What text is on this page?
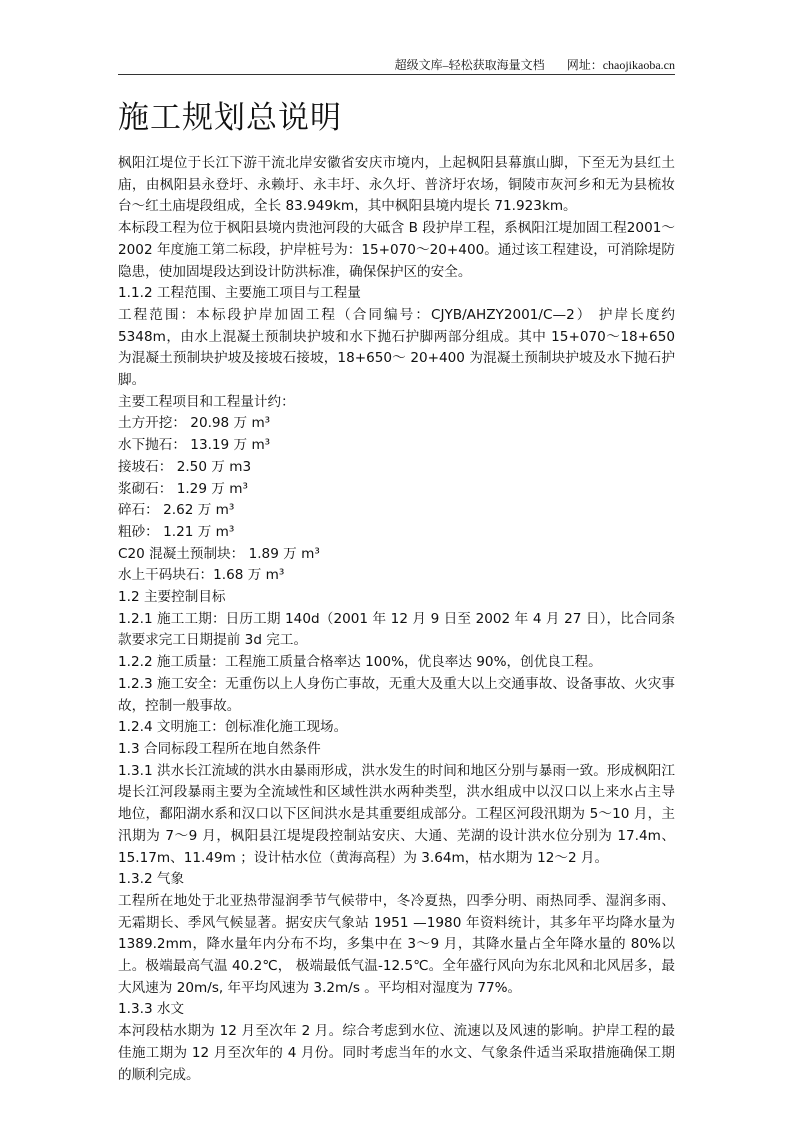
超级文库–轻松获取海量文档 网址：chaojikaoba.cn
施工规划总说明

枫阳江堤位于长江下游干流北岸安徽省安庆市境内，上起枫阳县幕旗山脚，下至无为县红土庙，由枫阳县永登圩、永赖圩、永丰圩、永久圩、普济圩农场，铜陵市灰河乡和无为县梳妆台～红土庙堤段组成，全长 83.949km，其中枫阳县境内堤长 71.923km。

本标段工程为位于枫阳县境内贵池河段的大砥含 B 段护岸工程，系枫阳江堤加固工程2001～2002 年度施工第二标段，护岸桩号为：15+070～20+400。通过该工程建设，可消除堤防隐患，使加固堤段达到设计防洪标准，确保保护区的安全。

1.1.2 工程范围、主要施工项目与工程量

工程范围：本标段护岸加固工程（合同编号：CJYB/AHZY2001/C—2） 护岸长度约 5348m，由水上混凝土预制块护坡和水下抛石护脚两部分组成。其中 15+070～18+650 为混凝土预制块护坡及接坡石接坡，18+650～ 20+400 为混凝土预制块护坡及水下抛石护脚。

主要工程项目和工程量计约：

土方开挖： 20.98 万 m³

水下抛石： 13.19 万 m³

接坡石： 2.50 万 m3

浆砌石： 1.29 万 m³

碎石： 2.62 万 m³

粗砂： 1.21 万 m³

C20 混凝土预制块： 1.89 万 m³

水上干码块石：1.68 万 m³

1.2 主要控制目标

1.2.1 施工工期：日历工期 140d（2001 年 12 月 9 日至 2002 年 4 月 27 日），比合同条款要求完工日期提前 3d 完工。

1.2.2 施工质量：工程施工质量合格率达 100%，优良率达 90%，创优良工程。

1.2.3 施工安全：无重伤以上人身伤亡事故，无重大及重大以上交通事故、设备事故、火灾事故，控制一般事故。

1.2.4 文明施工：创标准化施工现场。

1.3 合同标段工程所在地自然条件

1.3.1 洪水长江流域的洪水由暴雨形成，洪水发生的时间和地区分别与暴雨一致。形成枫阳江堤长江河段暴雨主要为全流域性和区域性洪水两种类型，洪水组成中以汉口以上来水占主导地位，鄱阳湖水系和汉口以下区间洪水是其重要组成部分。工程区河段汛期为 5～10 月，主汛期为 7～9 月，枫阳县江堤堤段控制站安庆、大通、芜湖的设计洪水位分别为 17.4m、15.17m、11.49m ；设计枯水位（黄海高程）为 3.64m，枯水期为 12～2 月。

1.3.2 气象

工程所在地处于北亚热带湿润季节气候带中，冬冷夏热，四季分明、雨热同季、湿润多雨、无霜期长、季风气候显著。据安庆气象站 1951 —1980 年资料统计，其多年平均降水量为1389.2mm，降水量年内分布不均，多集中在 3～9 月，其降水量占全年降水量的 80%以上。极端最高气温 40.2℃， 极端最低气温-12.5℃。全年盛行风向为东北风和北风居多，最大风速为 20m/s, 年平均风速为 3.2m/s 。平均相对湿度为 77%。

1.3.3 水文

本河段枯水期为 12 月至次年 2 月。综合考虑到水位、流速以及风速的影响。护岸工程的最佳施工期为 12 月至次年的 4 月份。同时考虑当年的水文、气象条件适当采取措施确保工期的顺利完成。
